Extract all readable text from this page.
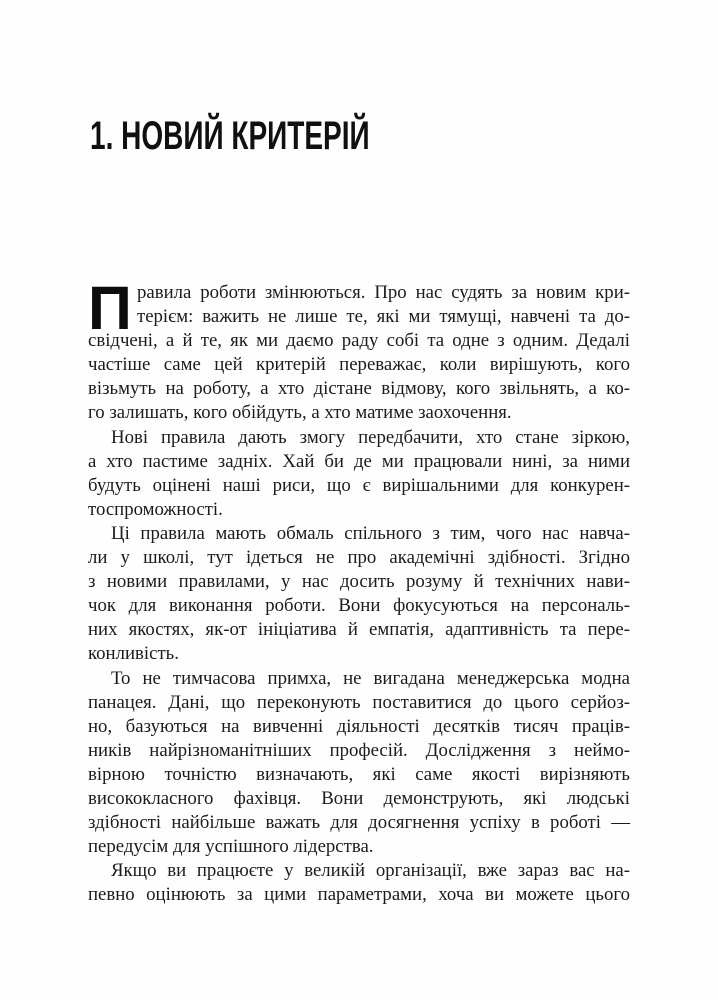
1. НОВИЙ КРИТЕРІЙ
П равила роботи змінюються. Про нас судять за новим кри-
терієм: важить не лише те, які ми тямущі, навчені та до-
свідчені, а й те, як ми даємо раду собі та одне з одним. Дедалі
частіше саме цей критерій переважає, коли вирішують, кого
візьмуть на роботу, а хто дістане відмову, кого звільнять, а ко-
го залишать, кого обійдуть, а хто матиме заохочення.
Нові правила дають змогу передбачити, хто стане зіркою,
а хто пастиме задніх. Хай би де ми працювали нині, за ними
будуть оцінені наші риси, що є вирішальними для конкурен-
тоспроможності.
Ці правила мають обмаль спільного з тим, чого нас навча-
ли у школі, тут ідеться не про академічні здібності. Згідно
з новими правилами, у нас досить розуму й технічних нави-
чок для виконання роботи. Вони фокусуються на персональ-
них якостях, як-от ініціатива й емпатія, адаптивність та пере-
конливість.
То не тимчасова примха, не вигадана менеджерська модна
панацея. Дані, що переконують поставитися до цього серйоз-
но, базуються на вивченні діяльності десятків тисяч праців-
ників найрізноманітніших професій. Дослідження з неймо-
вірною точністю визначають, які саме якості вирізняють
висококласного фахівця. Вони демонструють, які людські
здібності найбільше важать для досягнення успіху в роботі —
передусім для успішного лідерства.
Якщо ви працюєте у великій організації, вже зараз вас на-
певно оцінюють за цими параметрами, хоча ви можете цього
